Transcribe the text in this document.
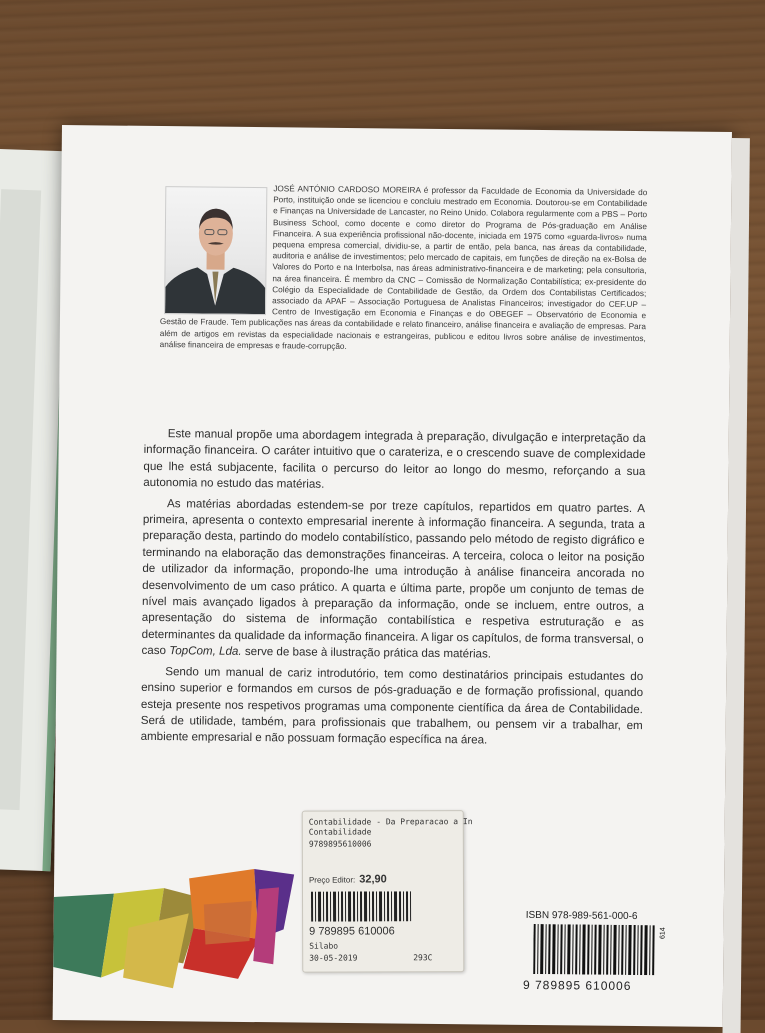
JOSÉ ANTÓNIO CARDOSO MOREIRA é professor da Faculdade de Economia da Universidade do Porto, instituição onde se licenciou e concluiu mestrado em Economia. Doutorou-se em Contabilidade e Finanças na Universidade de Lancaster, no Reino Unido. Colabora regularmente com a PBS – Porto Business School, como docente e como diretor do Programa de Pós-graduação em Análise Financeira. A sua experiência profissional não-docente, iniciada em 1975 como «guarda-livros» numa pequena empresa comercial, dividiu-se, a partir de então, pela banca, nas áreas da contabilidade, auditoria e análise de investimentos; pelo mercado de capitais, em funções de direção na ex-Bolsa de Valores do Porto e na Interbolsa, nas áreas administrativo-financeira e de marketing; pela consultoria, na área financeira. É membro da CNC – Comissão de Normalização Contabilística; ex-presidente do Colégio da Especialidade de Contabilidade de Gestão, da Ordem dos Contabilistas Certificados; associado da APAF – Associação Portuguesa de Analistas Financeiros; investigador do CEF.UP – Centro de Investigação em Economia e Finanças e do OBEGEF – Observatório de Economia e Gestão de Fraude. Tem publicações nas áreas da contabilidade e relato financeiro, análise financeira e avaliação de empresas. Para além de artigos em revistas da especialidade nacionais e estrangeiras, publicou e editou livros sobre análise de investimentos, análise financeira de empresas e fraude-corrupção.

Este manual propõe uma abordagem integrada à preparação, divulgação e interpretação da informação financeira. O caráter intuitivo que o carateriza, e o crescendo suave de complexidade que lhe está subjacente, facilita o percurso do leitor ao longo do mesmo, reforçando a sua autonomia no estudo das matérias.

As matérias abordadas estendem-se por treze capítulos, repartidos em quatro partes. A primeira, apresenta o contexto empresarial inerente à informação financeira. A segunda, trata a preparação desta, partindo do modelo contabilístico, passando pelo método de registo digráfico e terminando na elaboração das demonstrações financeiras. A terceira, coloca o leitor na posição de utilizador da informação, propondo-lhe uma introdução à análise financeira ancorada no desenvolvimento de um caso prático. A quarta e última parte, propõe um conjunto de temas de nível mais avançado ligados à preparação da informação, onde se incluem, entre outros, a apresentação do sistema de informação contabilística e respetiva estruturação e as determinantes da qualidade da informação financeira. A ligar os capítulos, de forma transversal, o caso TopCom, Lda. serve de base à ilustração prática das matérias.

Sendo um manual de cariz introdutório, tem como destinatários principais estudantes do ensino superior e formandos em cursos de pós-graduação e de formação profissional, quando esteja presente nos respetivos programas uma componente científica da área de Contabilidade. Será de utilidade, também, para profissionais que trabalhem, ou pensem vir a trabalhar, em ambiente empresarial e não possuam formação específica na área.

Contabilidade - Da Preparacao a In
Contabilidade
9789895610006
Preço Editor: 32,90
9 789895 610006
Silabo
30-05-2019	293C
ISBN 978-989-561-000-6
614
9 789895 610006
